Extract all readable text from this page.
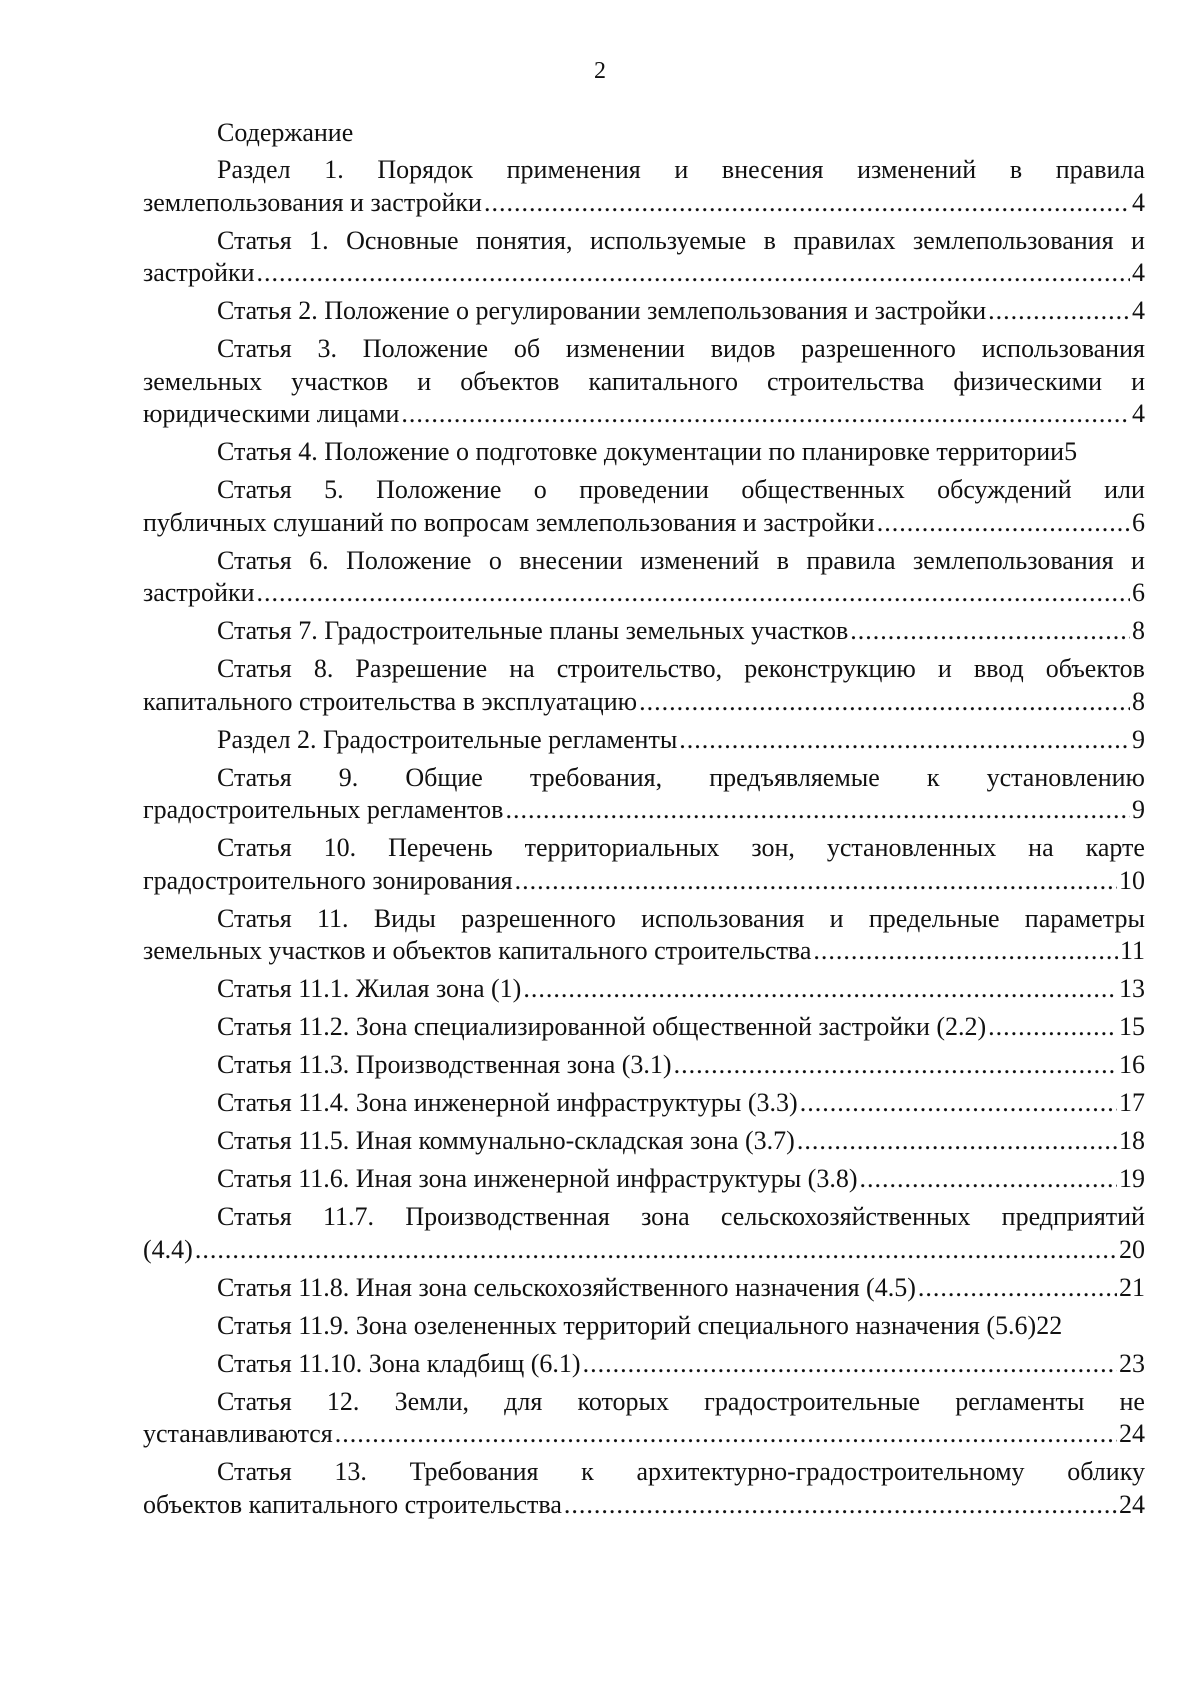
2
Содержание
Раздел 1. Порядок применения и внесения изменений в правила
землепользования и застройки .....	4
Статья 1. Основные понятия, используемые в правилах землепользования и
застройки .....	4
Статья 2. Положение о регулировании землепользования и застройки .....	4
Статья 3. Положение об изменении видов разрешенного использования
земельных участков и объектов капитального строительства физическими и
юридическими лицами .....	4
Статья 4. Положение о подготовке документации по планировке территории 5
Статья 5. Положение о проведении общественных обсуждений или
публичных слушаний по вопросам землепользования и застройки .....	6
Статья 6. Положение о внесении изменений в правила землепользования и
застройки .....	6
Статья 7. Градостроительные планы земельных участков .....	8
Статья 8. Разрешение на строительство, реконструкцию и ввод объектов
капитального строительства в эксплуатацию .....	8
Раздел 2. Градостроительные регламенты .....	9
Статья 9. Общие требования, предъявляемые к установлению
градостроительных регламентов .....	9
Статья 10. Перечень территориальных зон, установленных на карте
градостроительного зонирования .....	10
Статья 11. Виды разрешенного использования и предельные параметры
земельных участков и объектов капитального строительства .....	11
Статья 11.1. Жилая зона (1) .....	13
Статья 11.2. Зона специализированной общественной застройки (2.2) .....	15
Статья 11.3. Производственная зона (3.1) .....	16
Статья 11.4. Зона инженерной инфраструктуры (3.3) .....	17
Статья 11.5. Иная коммунально-складская зона (3.7) .....	18
Статья 11.6. Иная зона инженерной инфраструктуры (3.8) .....	19
Статья 11.7. Производственная зона сельскохозяйственных предприятий
(4.4) .....	20
Статья 11.8. Иная зона сельскохозяйственного назначения (4.5) .....	21
Статья 11.9. Зона озелененных территорий специального назначения (5.6) 22
Статья 11.10. Зона кладбищ (6.1) .....	23
Статья 12. Земли, для которых градостроительные регламенты не
устанавливаются .....	24
Статья 13. Требования к архитектурно-градостроительному облику
объектов капитального строительства .....	24
